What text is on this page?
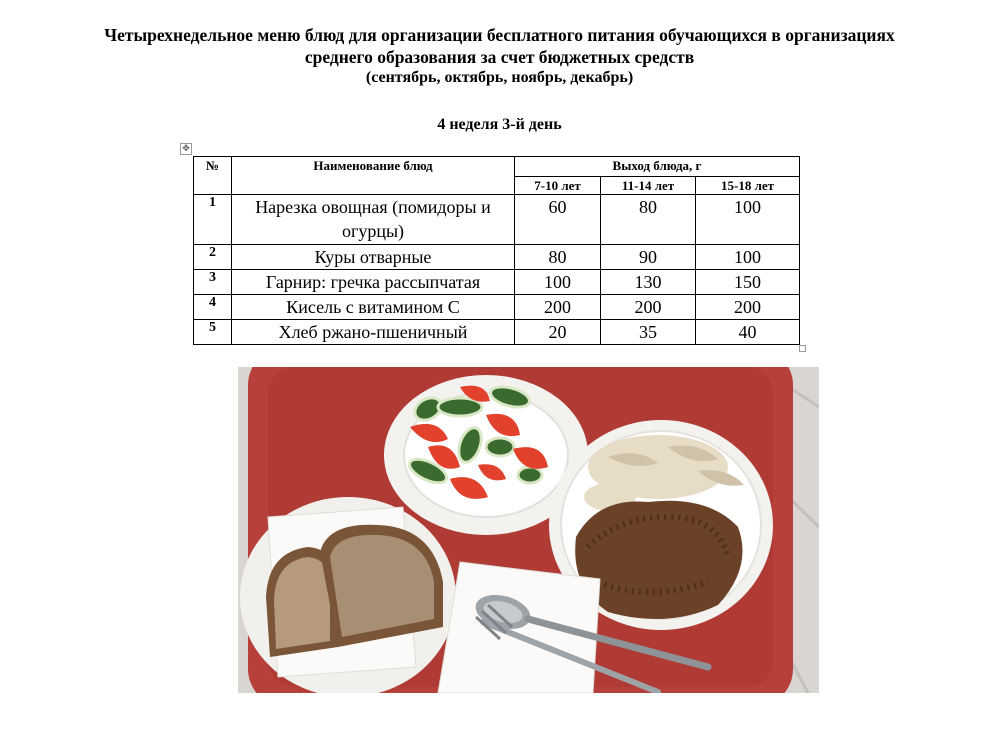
Четырехнедельное меню блюд для организации бесплатного питания обучающихся в организациях
среднего образования за счет бюджетных средств
(сентябрь, октябрь, ноябрь, декабрь)
4 неделя 3-й день
✥
№	Наименование блюд	Выход блюда, г		
		7-10 лет	11-14 лет	15-18 лет
1	Нарезка овощная (помидоры и огурцы)	60	80	100
2	Куры отварные	80	90	100
3	Гарнир: гречка рассыпчатая	100	130	150
4	Кисель с витамином С	200	200	200
5	Хлеб ржано-пшеничный	20	35	40
